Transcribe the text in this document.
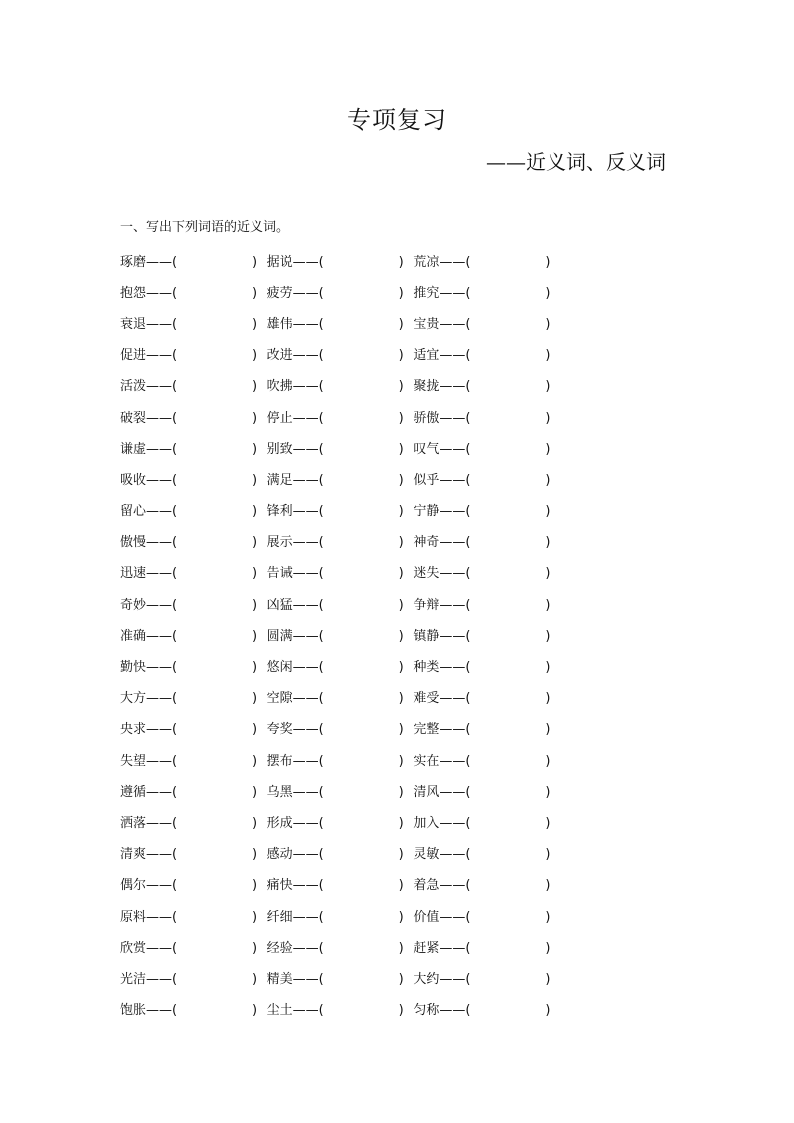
专项复习
——近义词、反义词
一、写出下列词语的近义词。
琢磨——(	) 据说——(	) 荒凉——(	)
抱怨——(	) 疲劳——(	) 推究——(	)
衰退——(	) 雄伟——(	) 宝贵——(	)
促进——(	) 改进——(	) 适宜——(	)
活泼——(	) 吹拂——(	) 聚拢——(	)
破裂——(	) 停止——(	) 骄傲——(	)
谦虚——(	) 别致——(	) 叹气——(	)
吸收——(	) 满足——(	) 似乎——(	)
留心——(	) 锋利——(	) 宁静——(	)
傲慢——(	) 展示——(	) 神奇——(	)
迅速——(	) 告诫——(	) 迷失——(	)
奇妙——(	) 凶猛——(	) 争辩——(	)
准确——(	) 圆满——(	) 镇静——(	)
勤快——(	) 悠闲——(	) 种类——(	)
大方——(	) 空隙——(	) 难受——(	)
央求——(	) 夸奖——(	) 完整——(	)
失望——(	) 摆布——(	) 实在——(	)
遵循——(	) 乌黑——(	) 清风——(	)
洒落——(	) 形成——(	) 加入——(	)
清爽——(	) 感动——(	) 灵敏——(	)
偶尔——(	) 痛快——(	) 着急——(	)
原料——(	) 纤细——(	) 价值——(	)
欣赏——(	) 经验——(	) 赶紧——(	)
光洁——(	) 精美——(	) 大约——(	)
饱胀——(	) 尘土——(	) 匀称——(	)
